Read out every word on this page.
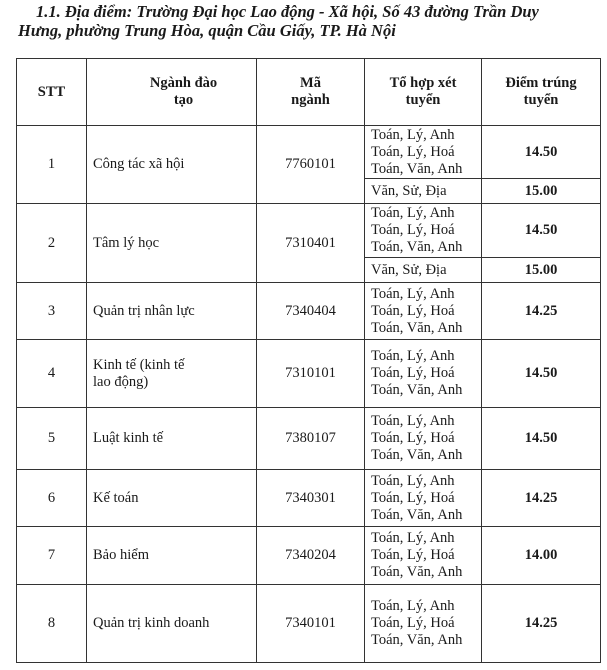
1.1. Địa điểm: Trường Đại học Lao động - Xã hội, Số 43 đường Trần Duy
Hưng, phường Trung Hòa, quận Cầu Giấy, TP. Hà Nội
STT	Ngành đào tạo	Mã ngành	Tổ hợp xét tuyển	Điểm trúng tuyển
1	Công tác xã hội	7760101	Toán, Lý, Anh
Toán, Lý, Hoá
Toán, Văn, Anh	14.50
			Văn, Sử, Địa	15.00
2	Tâm lý học	7310401	Toán, Lý, Anh
Toán, Lý, Hoá
Toán, Văn, Anh	14.50
			Văn, Sử, Địa	15.00
3	Quản trị nhân lực	7340404	Toán, Lý, Anh
Toán, Lý, Hoá
Toán, Văn, Anh	14.25
4	Kinh tế (kinh tế
lao động)	7310101	Toán, Lý, Anh
Toán, Lý, Hoá
Toán, Văn, Anh	14.50
5	Luật kinh tế	7380107	Toán, Lý, Anh
Toán, Lý, Hoá
Toán, Văn, Anh	14.50
6	Kế toán	7340301	Toán, Lý, Anh
Toán, Lý, Hoá
Toán, Văn, Anh	14.25
7	Bảo hiểm	7340204	Toán, Lý, Anh
Toán, Lý, Hoá
Toán, Văn, Anh	14.00
8	Quản trị kinh doanh	7340101	Toán, Lý, Anh
Toán, Lý, Hoá
Toán, Văn, Anh	14.25
